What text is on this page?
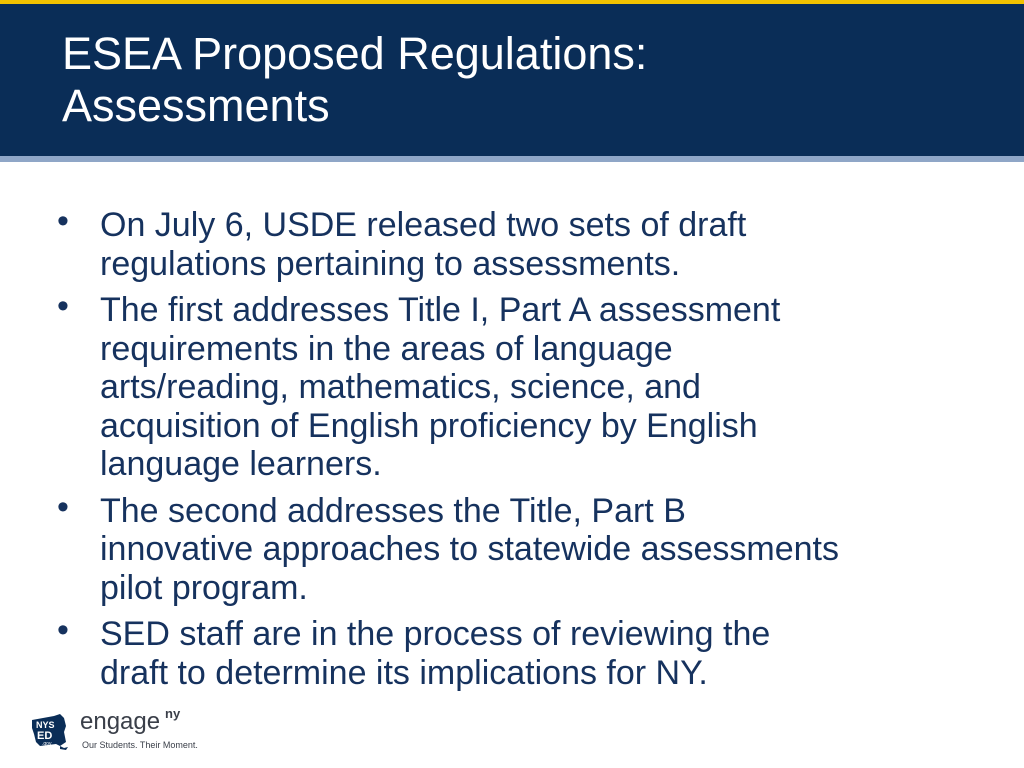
ESEA Proposed Regulations:
Assessments
• On July 6, USDE released two sets of draft
regulations pertaining to assessments.
• The first addresses Title I, Part A assessment
requirements in the areas of language
arts/reading, mathematics, science, and
acquisition of English proficiency by English
language learners.
• The second addresses the Title, Part B
innovative approaches to statewide assessments
pilot program.
• SED staff are in the process of reviewing the
draft to determine its implications for NY.
NYS
ED
.gov
engage ny
Our Students. Their Moment.
